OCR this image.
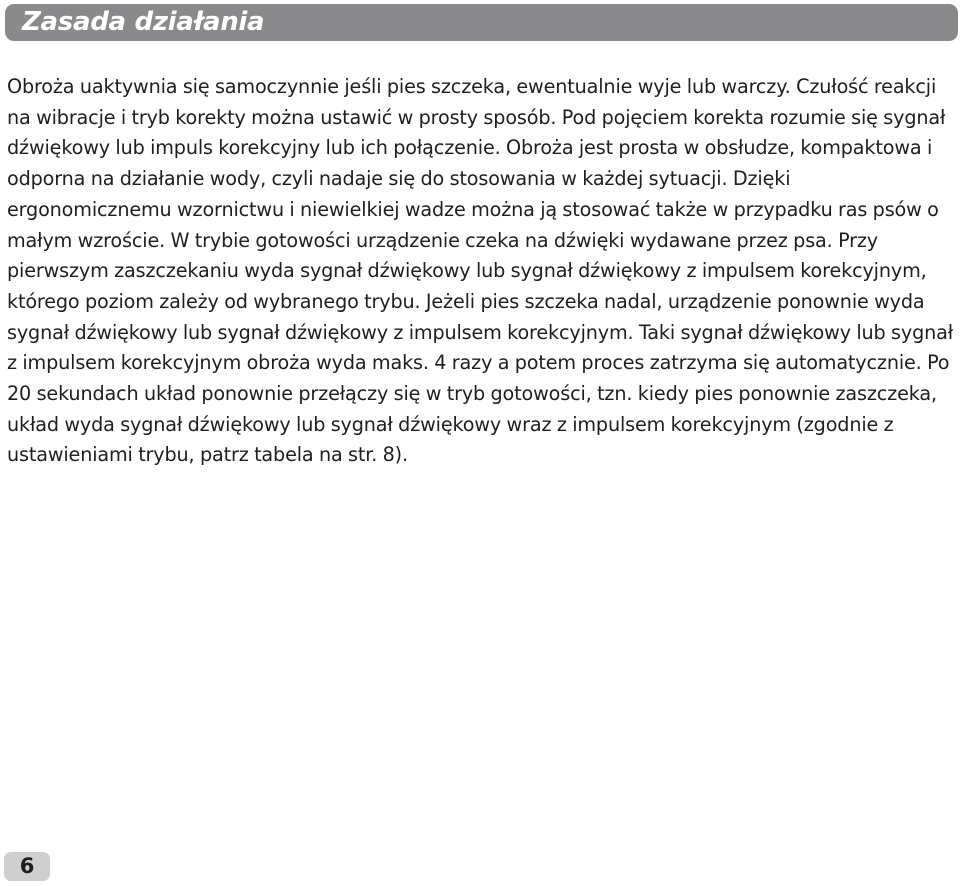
Zasada działania

Obroża uaktywnia się samoczynnie jeśli pies szczeka, ewentualnie wyje lub warczy. Czułość reakcji na wibracje i tryb korekty można ustawić w prosty sposób. Pod pojęciem korekta rozumie się sygnał dźwiękowy lub impuls korekcyjny lub ich połączenie. Obroża jest prosta w obsłudze, kompaktowa i odporna na działanie wody, czyli nadaje się do stosowania w każdej sytuacji. Dzięki ergonomicznemu wzornictwu i niewielkiej wadze można ją stosować także w przypadku ras psów o małym wzroście. W trybie gotowości urządzenie czeka na dźwięki wydawane przez psa. Przy pierwszym zaszczekaniu wyda sygnał dźwiękowy lub sygnał dźwiękowy z impulsem korekcyjnym, którego poziom zależy od wybranego trybu. Jeżeli pies szczeka nadal, urządzenie ponownie wyda sygnał dźwiękowy lub sygnał dźwiękowy z impulsem korekcyjnym. Taki sygnał dźwiękowy lub sygnał z impulsem korekcyjnym obroża wyda maks. 4 razy a potem proces zatrzyma się automatycznie. Po 20 sekundach układ ponownie przełączy się w tryb gotowości, tzn. kiedy pies ponownie zaszczeka, układ wyda sygnał dźwiękowy lub sygnał dźwiękowy wraz z impulsem korekcyjnym (zgodnie z ustawieniami trybu, patrz tabela na str. 8).

6
